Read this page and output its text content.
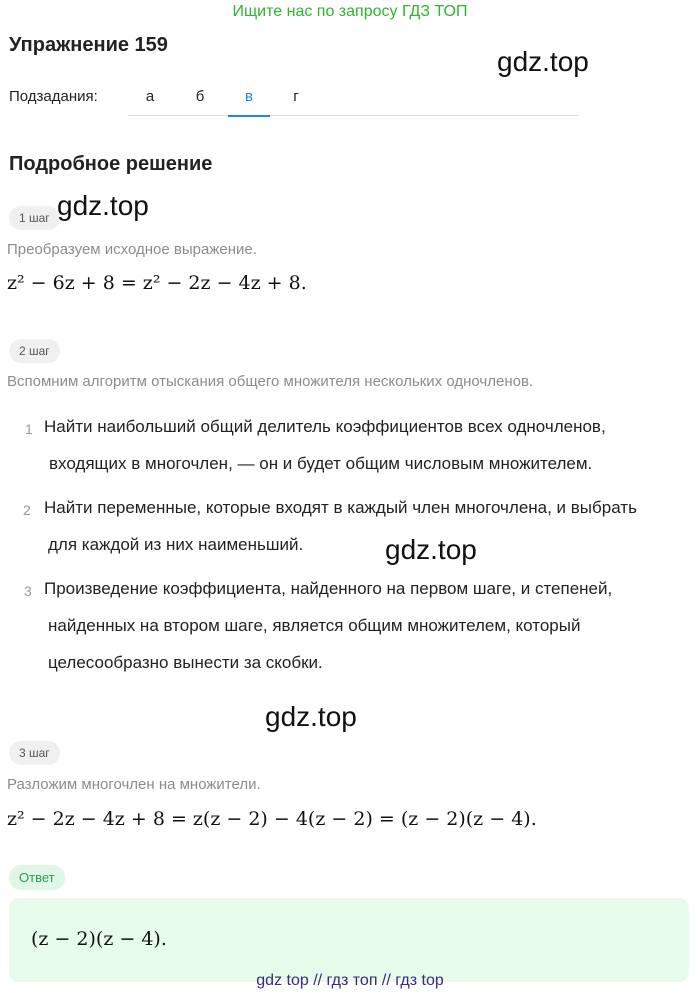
Ищите нас по запросу ГДЗ ТОП
Упражнение 159
gdz.top
Подзадания:	а	б	в	г
Подробное решение
1 шаг gdz.top
Преобразуем исходное выражение.
z² − 6z + 8 = z² − 2z − 4z + 8.
2 шаг
Вспомним алгоритм отыскания общего множителя нескольких одночленов.
1 Найти наибольший общий делитель коэффициентов всех одночленов,
входящих в многочлен, — он и будет общим числовым множителем.
2 Найти переменные, которые входят в каждый член многочлена, и выбрать
для каждой из них наименьший.	gdz.top
3 Произведение коэффициента, найденного на первом шаге, и степеней,
найденных на втором шаге, является общим множителем, который
целесообразно вынести за скобки.
gdz.top
3 шаг
Разложим многочлен на множители.
z² − 2z − 4z + 8 = z(z − 2) − 4(z − 2) = (z − 2)(z − 4).
Ответ
(z − 2)(z − 4).
gdz top // гдз топ // гдз top
